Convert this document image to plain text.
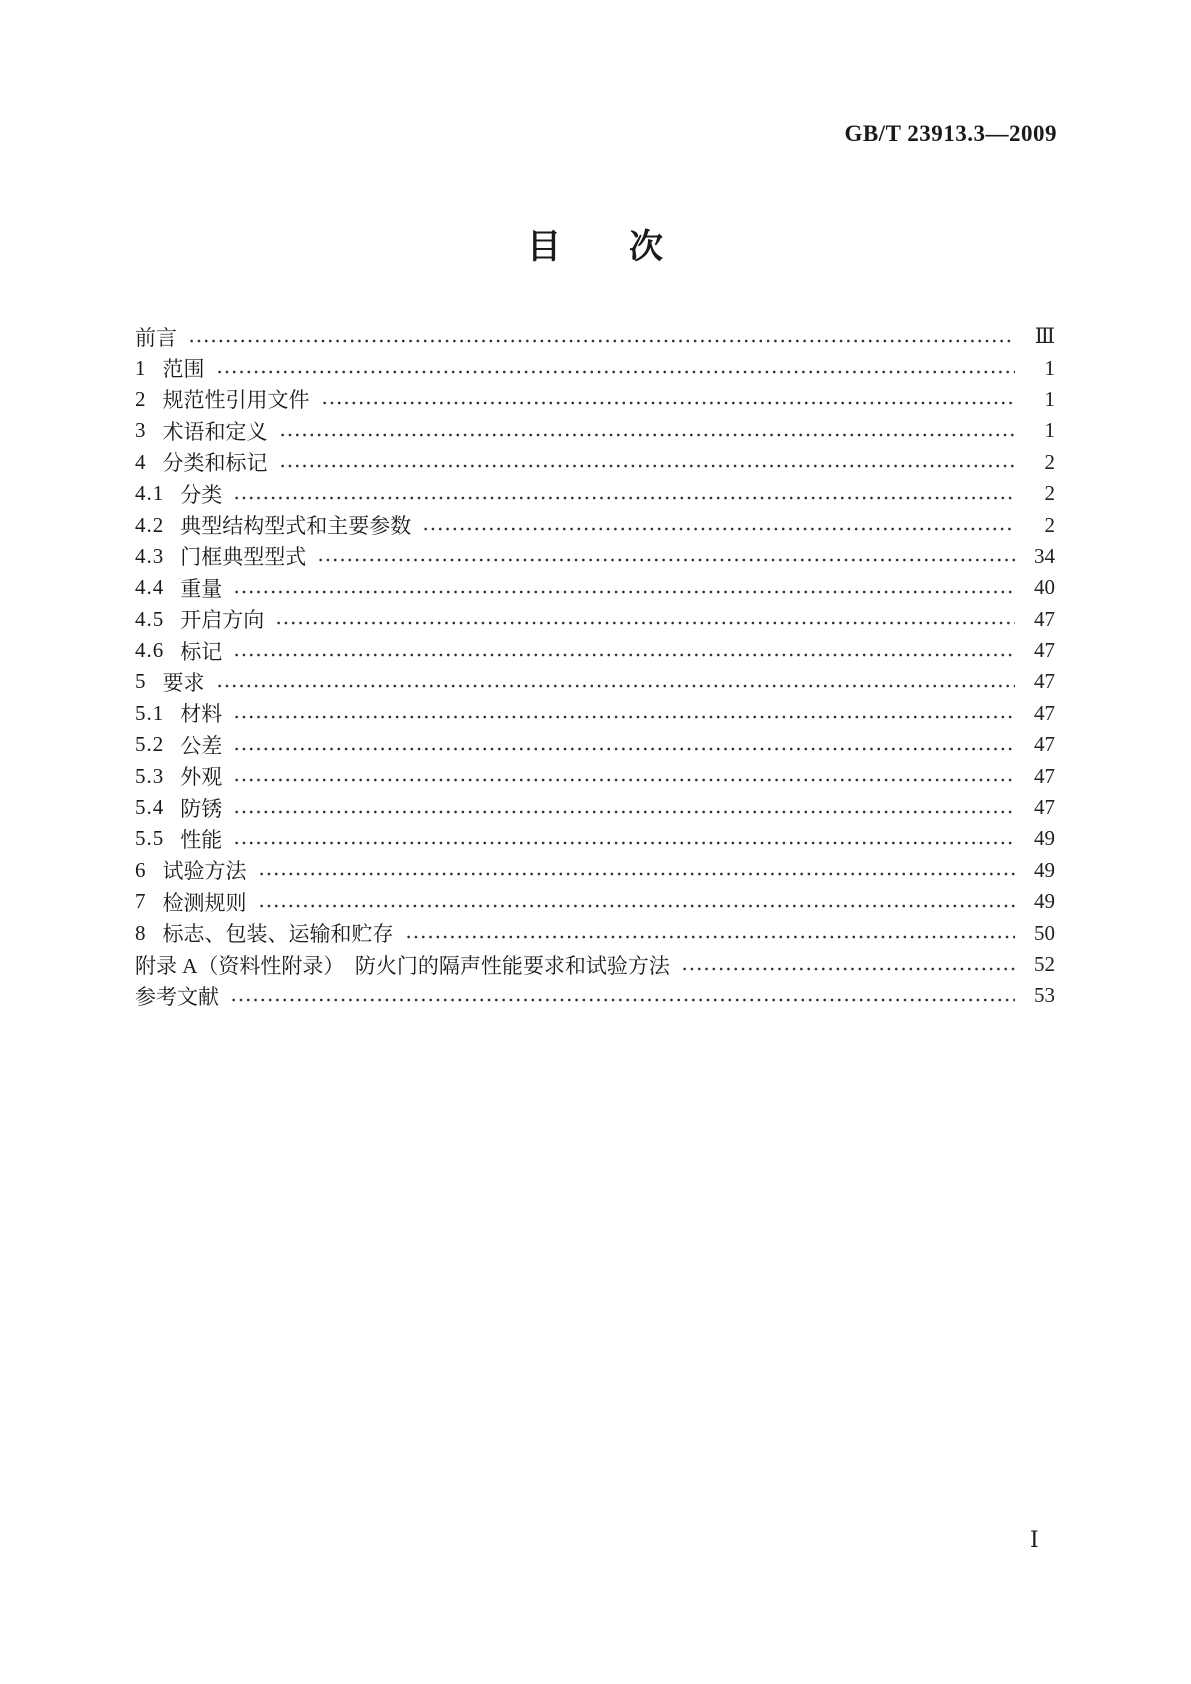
GB/T 23913.3—2009
目　　次
前言	Ⅲ
1 范围	1
2 规范性引用文件	1
3 术语和定义	1
4 分类和标记	2
4.1 分类	2
4.2 典型结构型式和主要参数	2
4.3 门框典型型式	34
4.4 重量	40
4.5 开启方向	47
4.6 标记	47
5 要求	47
5.1 材料	47
5.2 公差	47
5.3 外观	47
5.4 防锈	47
5.5 性能	49
6 试验方法	49
7 检测规则	49
8 标志、包装、运输和贮存	50
附录 A（资料性附录）　防火门的隔声性能要求和试验方法	52
参考文献	53
Ⅰ
